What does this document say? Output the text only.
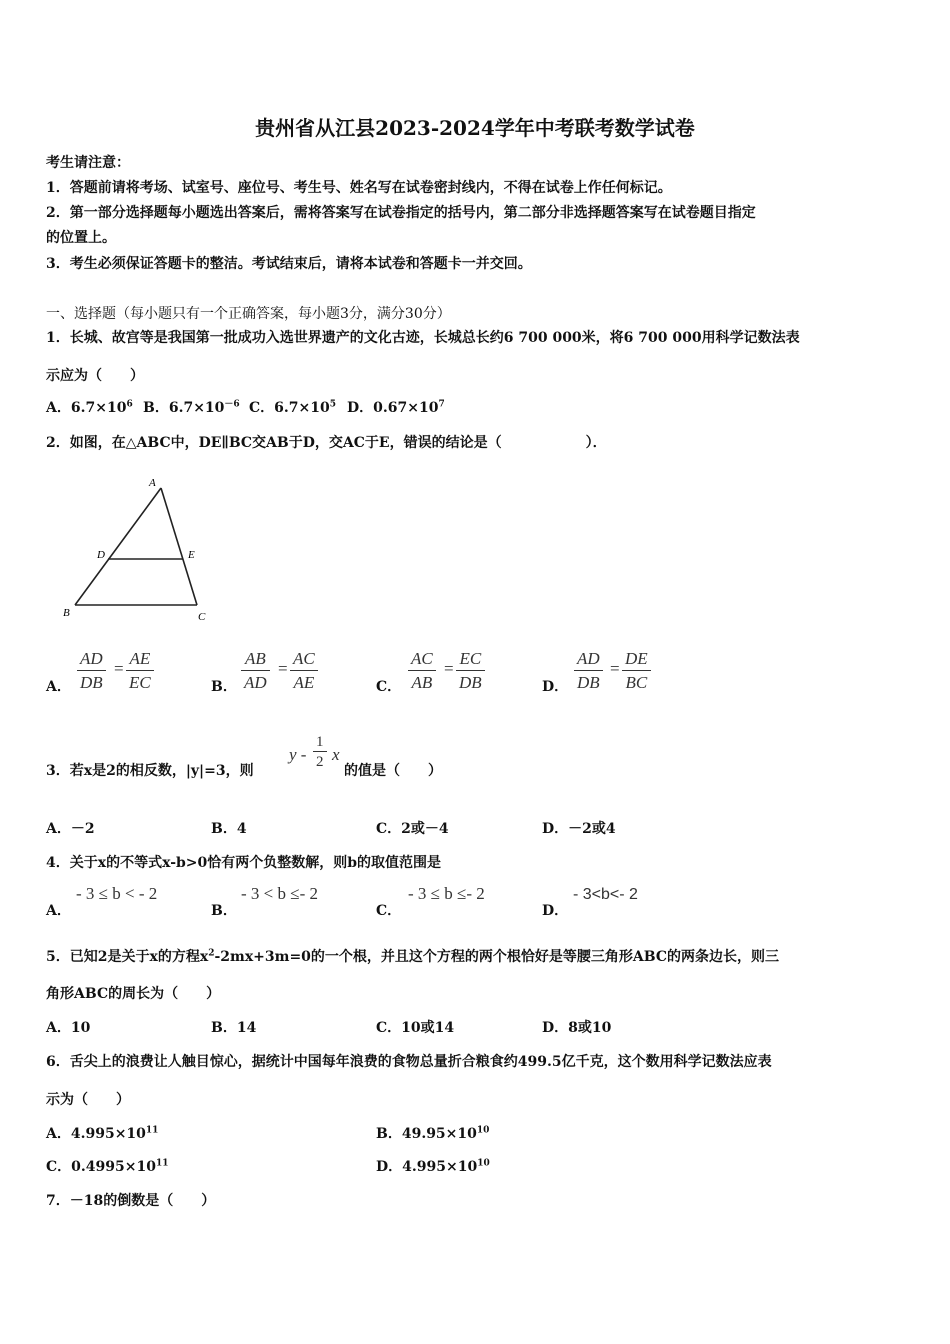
贵州省从江县2023-2024学年中考联考数学试卷
考生请注意：
1．答题前请将考场、试室号、座位号、考生号、姓名写在试卷密封线内，不得在试卷上作任何标记。
2．第一部分选择题每小题选出答案后，需将答案写在试卷指定的括号内，第二部分非选择题答案写在试卷题目指定
的位置上。
3．考生必须保证答题卡的整洁。考试结束后，请将本试卷和答题卡一并交回。
一、选择题（每小题只有一个正确答案，每小题3分，满分30分）
1．长城、故宫等是我国第一批成功入选世界遗产的文化古迹，长城总长约6 700 000米，将6 700 000用科学记数法表
示应为（　　）
A．$6.7\times 10^6$ B．$6.7\times 10^{-6}$ C．$6.7\times 10^5$ D．$0.67\times 10^7$
2．如图，在△ABC中，DE∥BC交AB于D，交AC于E，错误的结论是（　　　　　　）．
A
D	E
B	C
A． $\frac{AD}{DB} = \frac{AE}{EC}$	B． $\frac{AB}{AD} = \frac{AC}{AE}$	C． $\frac{AC}{AB} = \frac{EC}{DB}$	D． $\frac{AD}{DB} = \frac{DE}{BC}$
3．若x是2的相反数，|y|=3，则
y - $\frac{1}{2}$ x
的值是（　　）
A．－2	B．4	C．2或－4	D．－2或4
4．关于x的不等式x-b>0恰有两个负整数解，则b的取值范围是
A．
- 3 ≤ b < - 2
B．
- 3 < b ≤- 2
C．
- 3 ≤ b ≤- 2
D．
- 3<b<- 2
5．已知2是关于x的方程$x^2-2mx+3m=0$的一个根，并且这个方程的两个根恰好是等腰三角形ABC的两条边长，则三
角形ABC的周长为（　　）
A．10	B．14	C．10或14	D．8或10
6．舌尖上的浪费让人触目惊心，据统计中国每年浪费的食物总量折合粮食约499.5亿千克，这个数用科学记数法应表
示为（　　）
A．$4.995\times 10^{11}$	B．$49.95\times 10^{10}$
C．$0.4995\times 10^{11}$	D．$4.995\times 10^{10}$
7．－18的倒数是（　　）
